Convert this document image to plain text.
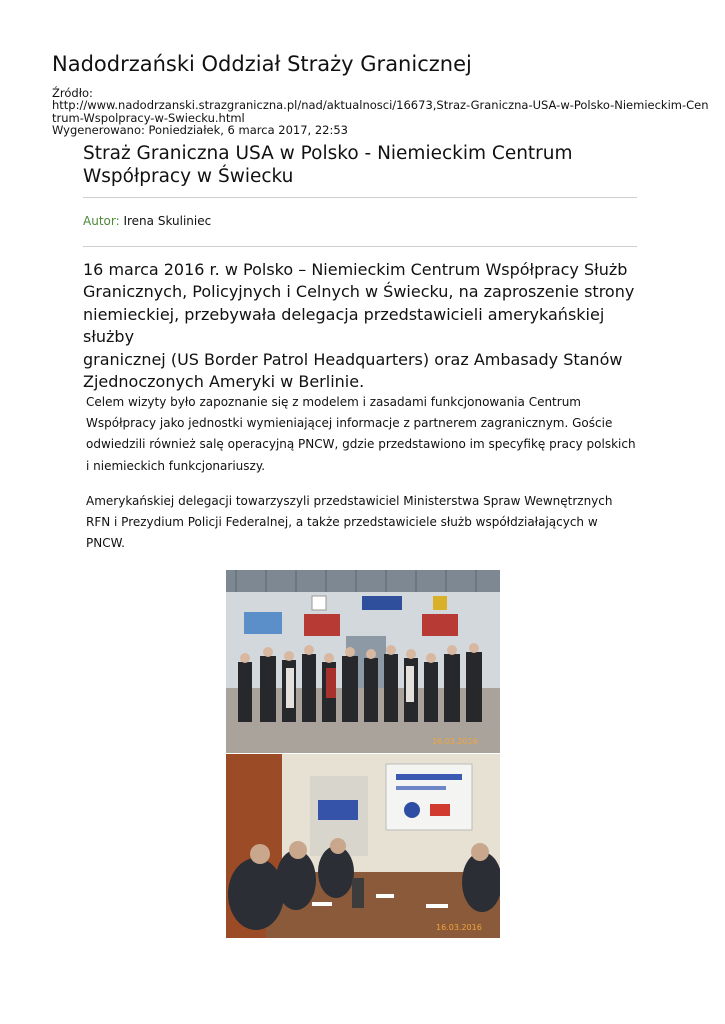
Nadodrzański Oddział Straży Granicznej
Źródło:
http://www.nadodrzanski.strazgraniczna.pl/nad/aktualnosci/16673,Straz-Graniczna-USA-w-Polsko-Niemieckim-Cen
trum-Wspolpracy-w-Swiecku.html
Wygenerowano: Poniedziałek, 6 marca 2017, 22:53
Straż Graniczna USA w Polsko - Niemieckim Centrum
Współpracy w Świecku
Autor: Irena Skuliniec

16 marca 2016 r. w Polsko – Niemieckim Centrum Współpracy Służb
Granicznych, Policyjnych i Celnych w Świecku, na zaproszenie strony
niemieckiej, przebywała delegacja przedstawicieli amerykańskiej służby
granicznej (US Border Patrol Headquarters) oraz Ambasady Stanów
Zjednoczonych Ameryki w Berlinie.

Celem wizyty było zapoznanie się z modelem i zasadami funkcjonowania Centrum
Współpracy jako jednostki wymieniającej informacje z partnerem zagranicznym. Goście
odwiedzili również salę operacyjną PNCW, gdzie przedstawiono im specyfikę pracy polskich
i niemieckich funkcjonariuszy.

Amerykańskiej delegacji towarzyszyli przedstawiciel Ministerstwa Spraw Wewnętrznych
RFN i Prezydium Policji Federalnej, a także przedstawiciele służb współdziałających w
PNCW.

16.03.2016
16.03.2016
